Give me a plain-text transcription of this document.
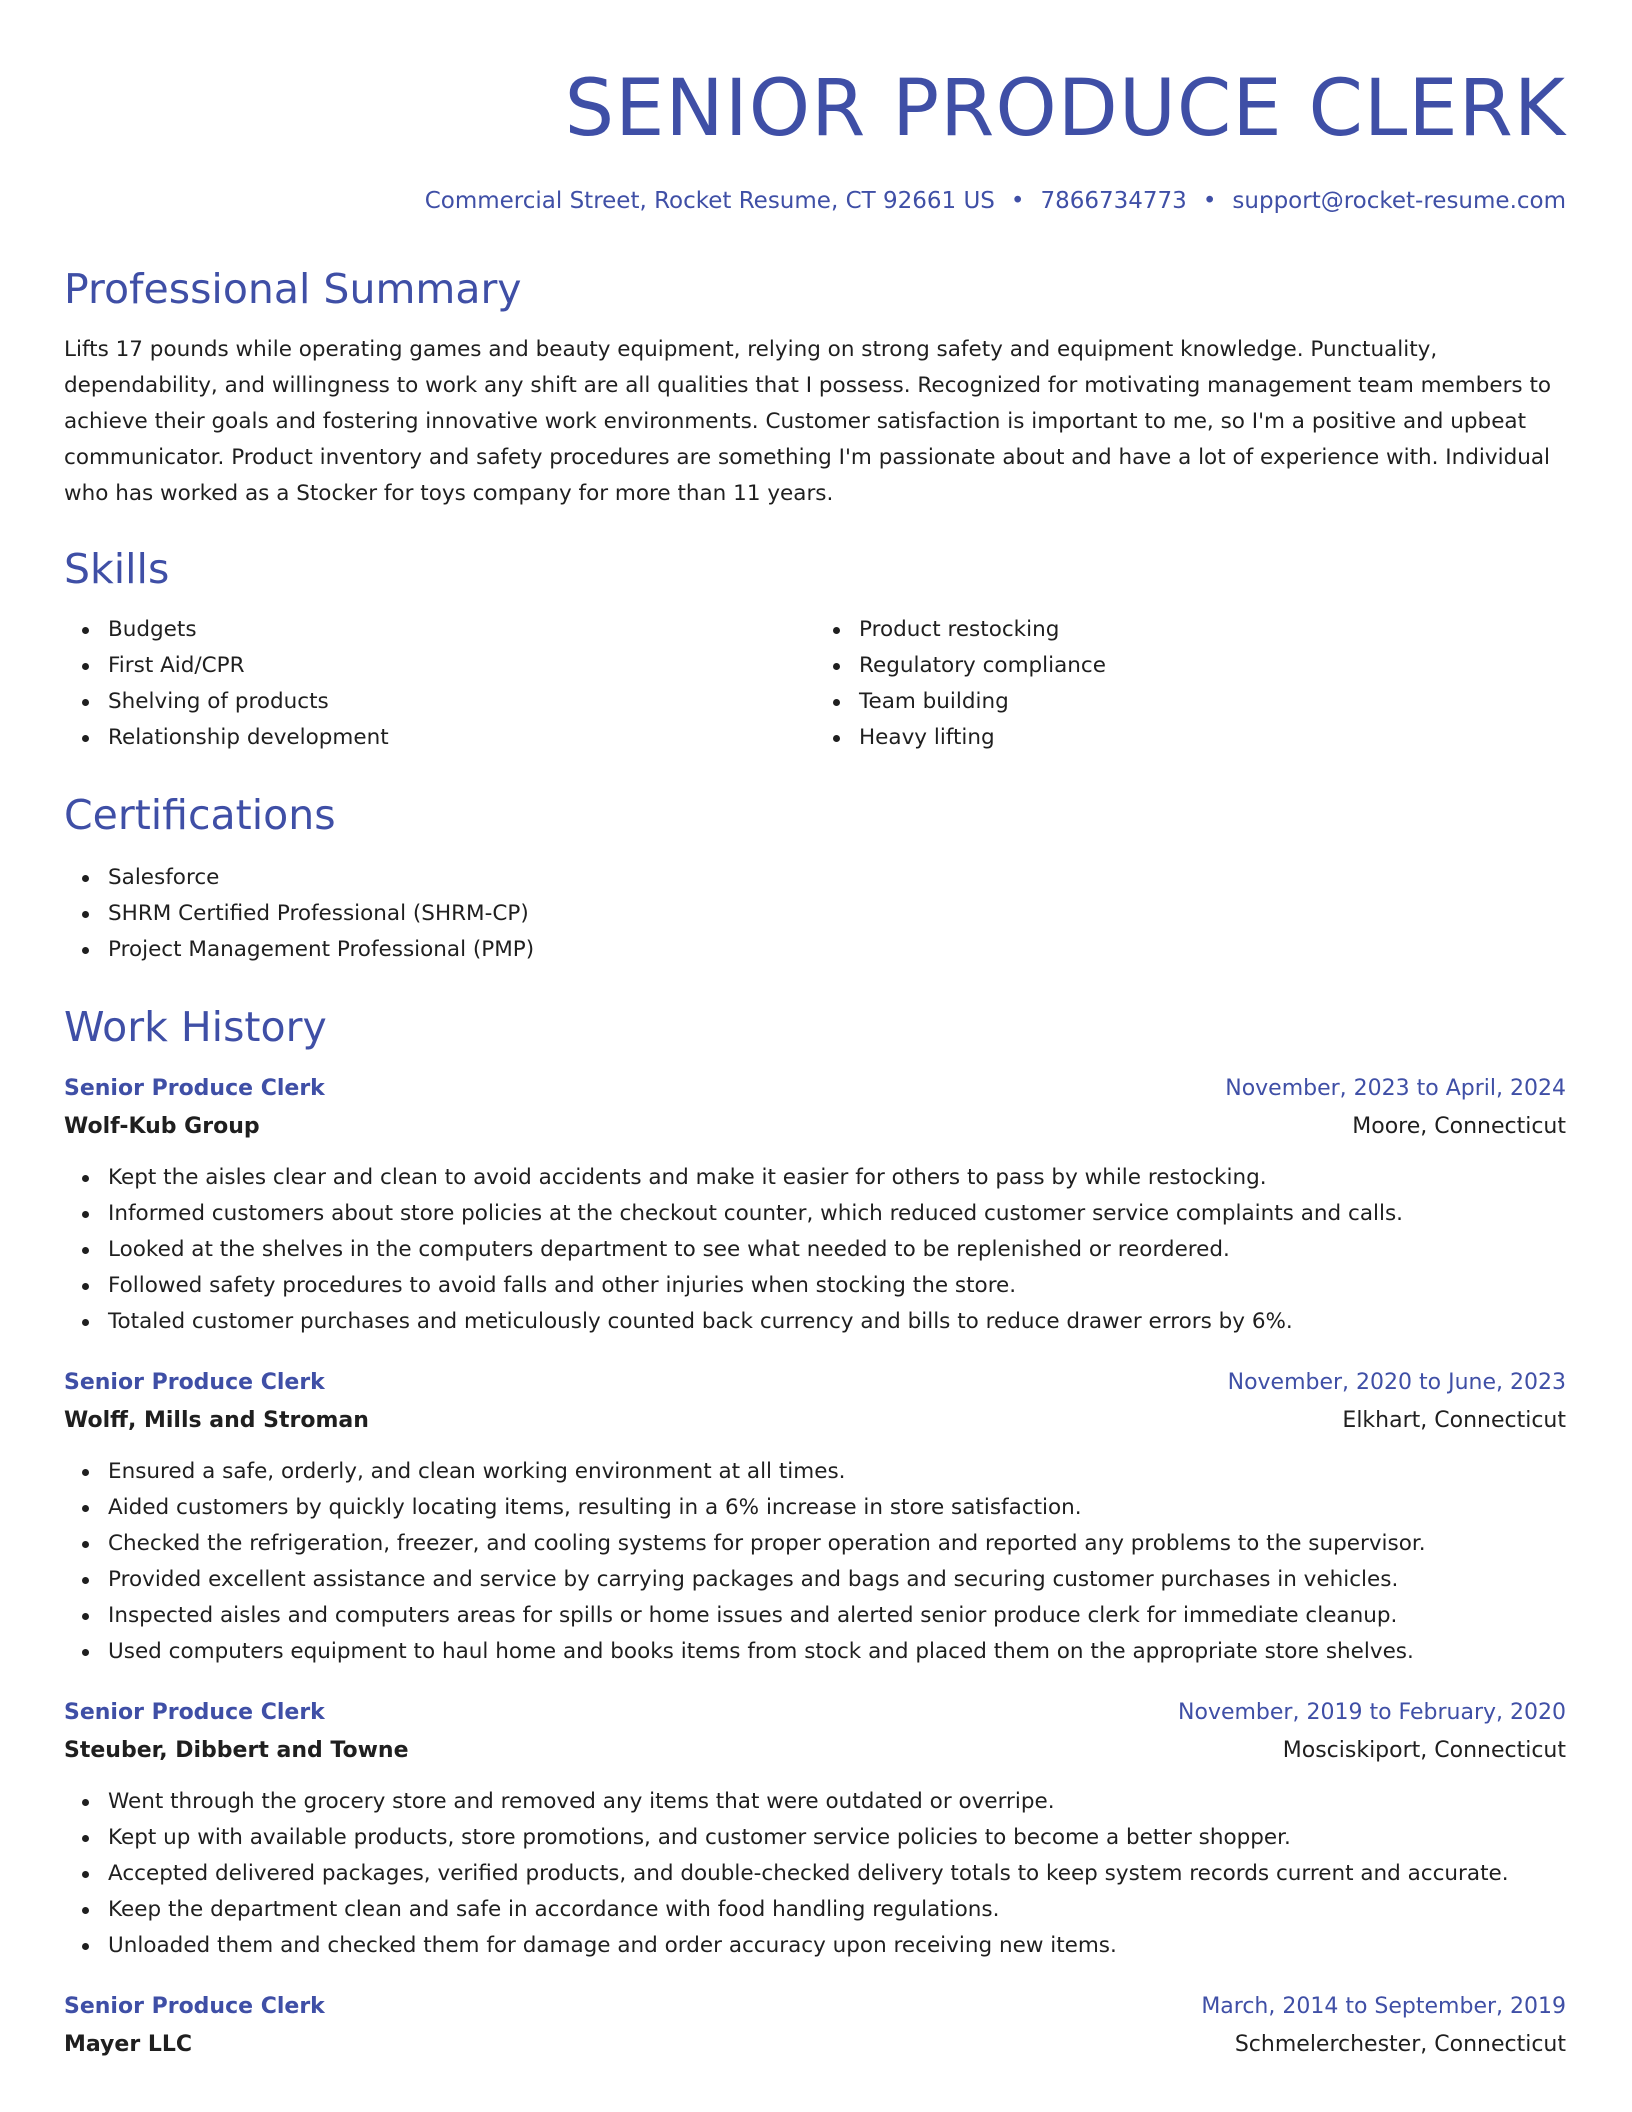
SENIOR PRODUCE CLERK
Commercial Street, Rocket Resume, CT 92661 US • 7866734773 • support@rocket-resume.com
Professional Summary

Lifts 17 pounds while operating games and beauty equipment, relying on strong safety and equipment knowledge. Punctuality, dependability, and willingness to work any shift are all qualities that I possess. Recognized for motivating management team members to achieve their goals and fostering innovative work environments. Customer satisfaction is important to me, so I'm a positive and upbeat communicator. Product inventory and safety procedures are something I'm passionate about and have a lot of experience with. Individual who has worked as a Stocker for toys company for more than 11 years.

Skills
Budgets
First Aid/CPR
Shelving of products
Relationship development
Product restocking
Regulatory compliance
Team building
Heavy lifting
Certifications
Salesforce
SHRM Certified Professional (SHRM-CP)
Project Management Professional (PMP)
Work History
Senior Produce Clerk	November, 2023 to April, 2024
Wolf-Kub Group	Moore, Connecticut
Kept the aisles clear and clean to avoid accidents and make it easier for others to pass by while restocking.
Informed customers about store policies at the checkout counter, which reduced customer service complaints and calls.
Looked at the shelves in the computers department to see what needed to be replenished or reordered.
Followed safety procedures to avoid falls and other injuries when stocking the store.
Totaled customer purchases and meticulously counted back currency and bills to reduce drawer errors by 6%.
Senior Produce Clerk	November, 2020 to June, 2023
Wolff, Mills and Stroman	Elkhart, Connecticut
Ensured a safe, orderly, and clean working environment at all times.
Aided customers by quickly locating items, resulting in a 6% increase in store satisfaction.
Checked the refrigeration, freezer, and cooling systems for proper operation and reported any problems to the supervisor.
Provided excellent assistance and service by carrying packages and bags and securing customer purchases in vehicles.
Inspected aisles and computers areas for spills or home issues and alerted senior produce clerk for immediate cleanup.
Used computers equipment to haul home and books items from stock and placed them on the appropriate store shelves.
Senior Produce Clerk	November, 2019 to February, 2020
Steuber, Dibbert and Towne	Mosciskiport, Connecticut
Went through the grocery store and removed any items that were outdated or overripe.
Kept up with available products, store promotions, and customer service policies to become a better shopper.
Accepted delivered packages, verified products, and double-checked delivery totals to keep system records current and accurate.
Keep the department clean and safe in accordance with food handling regulations.
Unloaded them and checked them for damage and order accuracy upon receiving new items.
Senior Produce Clerk	March, 2014 to September, 2019
Mayer LLC	Schmelerchester, Connecticut
